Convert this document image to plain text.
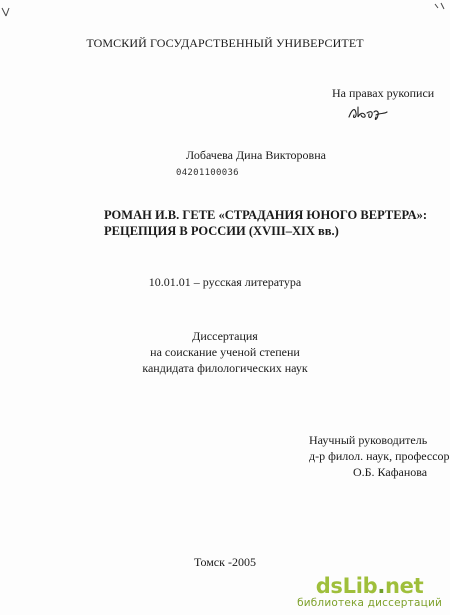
ТОМСКИЙ ГОСУДАРСТВЕННЫЙ УНИВЕРСИТЕТ
На правах рукописи
Лобачева Дина Викторовна
04201100036
РОМАН И.В. ГЕТЕ «СТРАДАНИЯ ЮНОГО ВЕРТЕРА»:
РЕЦЕПЦИЯ В РОССИИ (XVIII–XIX вв.)
10.01.01 – русская литература
Диссертация
на соискание ученой степени
кандидата филологических наук
Научный руководитель
д-р филол. наук, профессор
О.Б. Кафанова
Томск -2005
dsLib.net
библиотека диссертаций
